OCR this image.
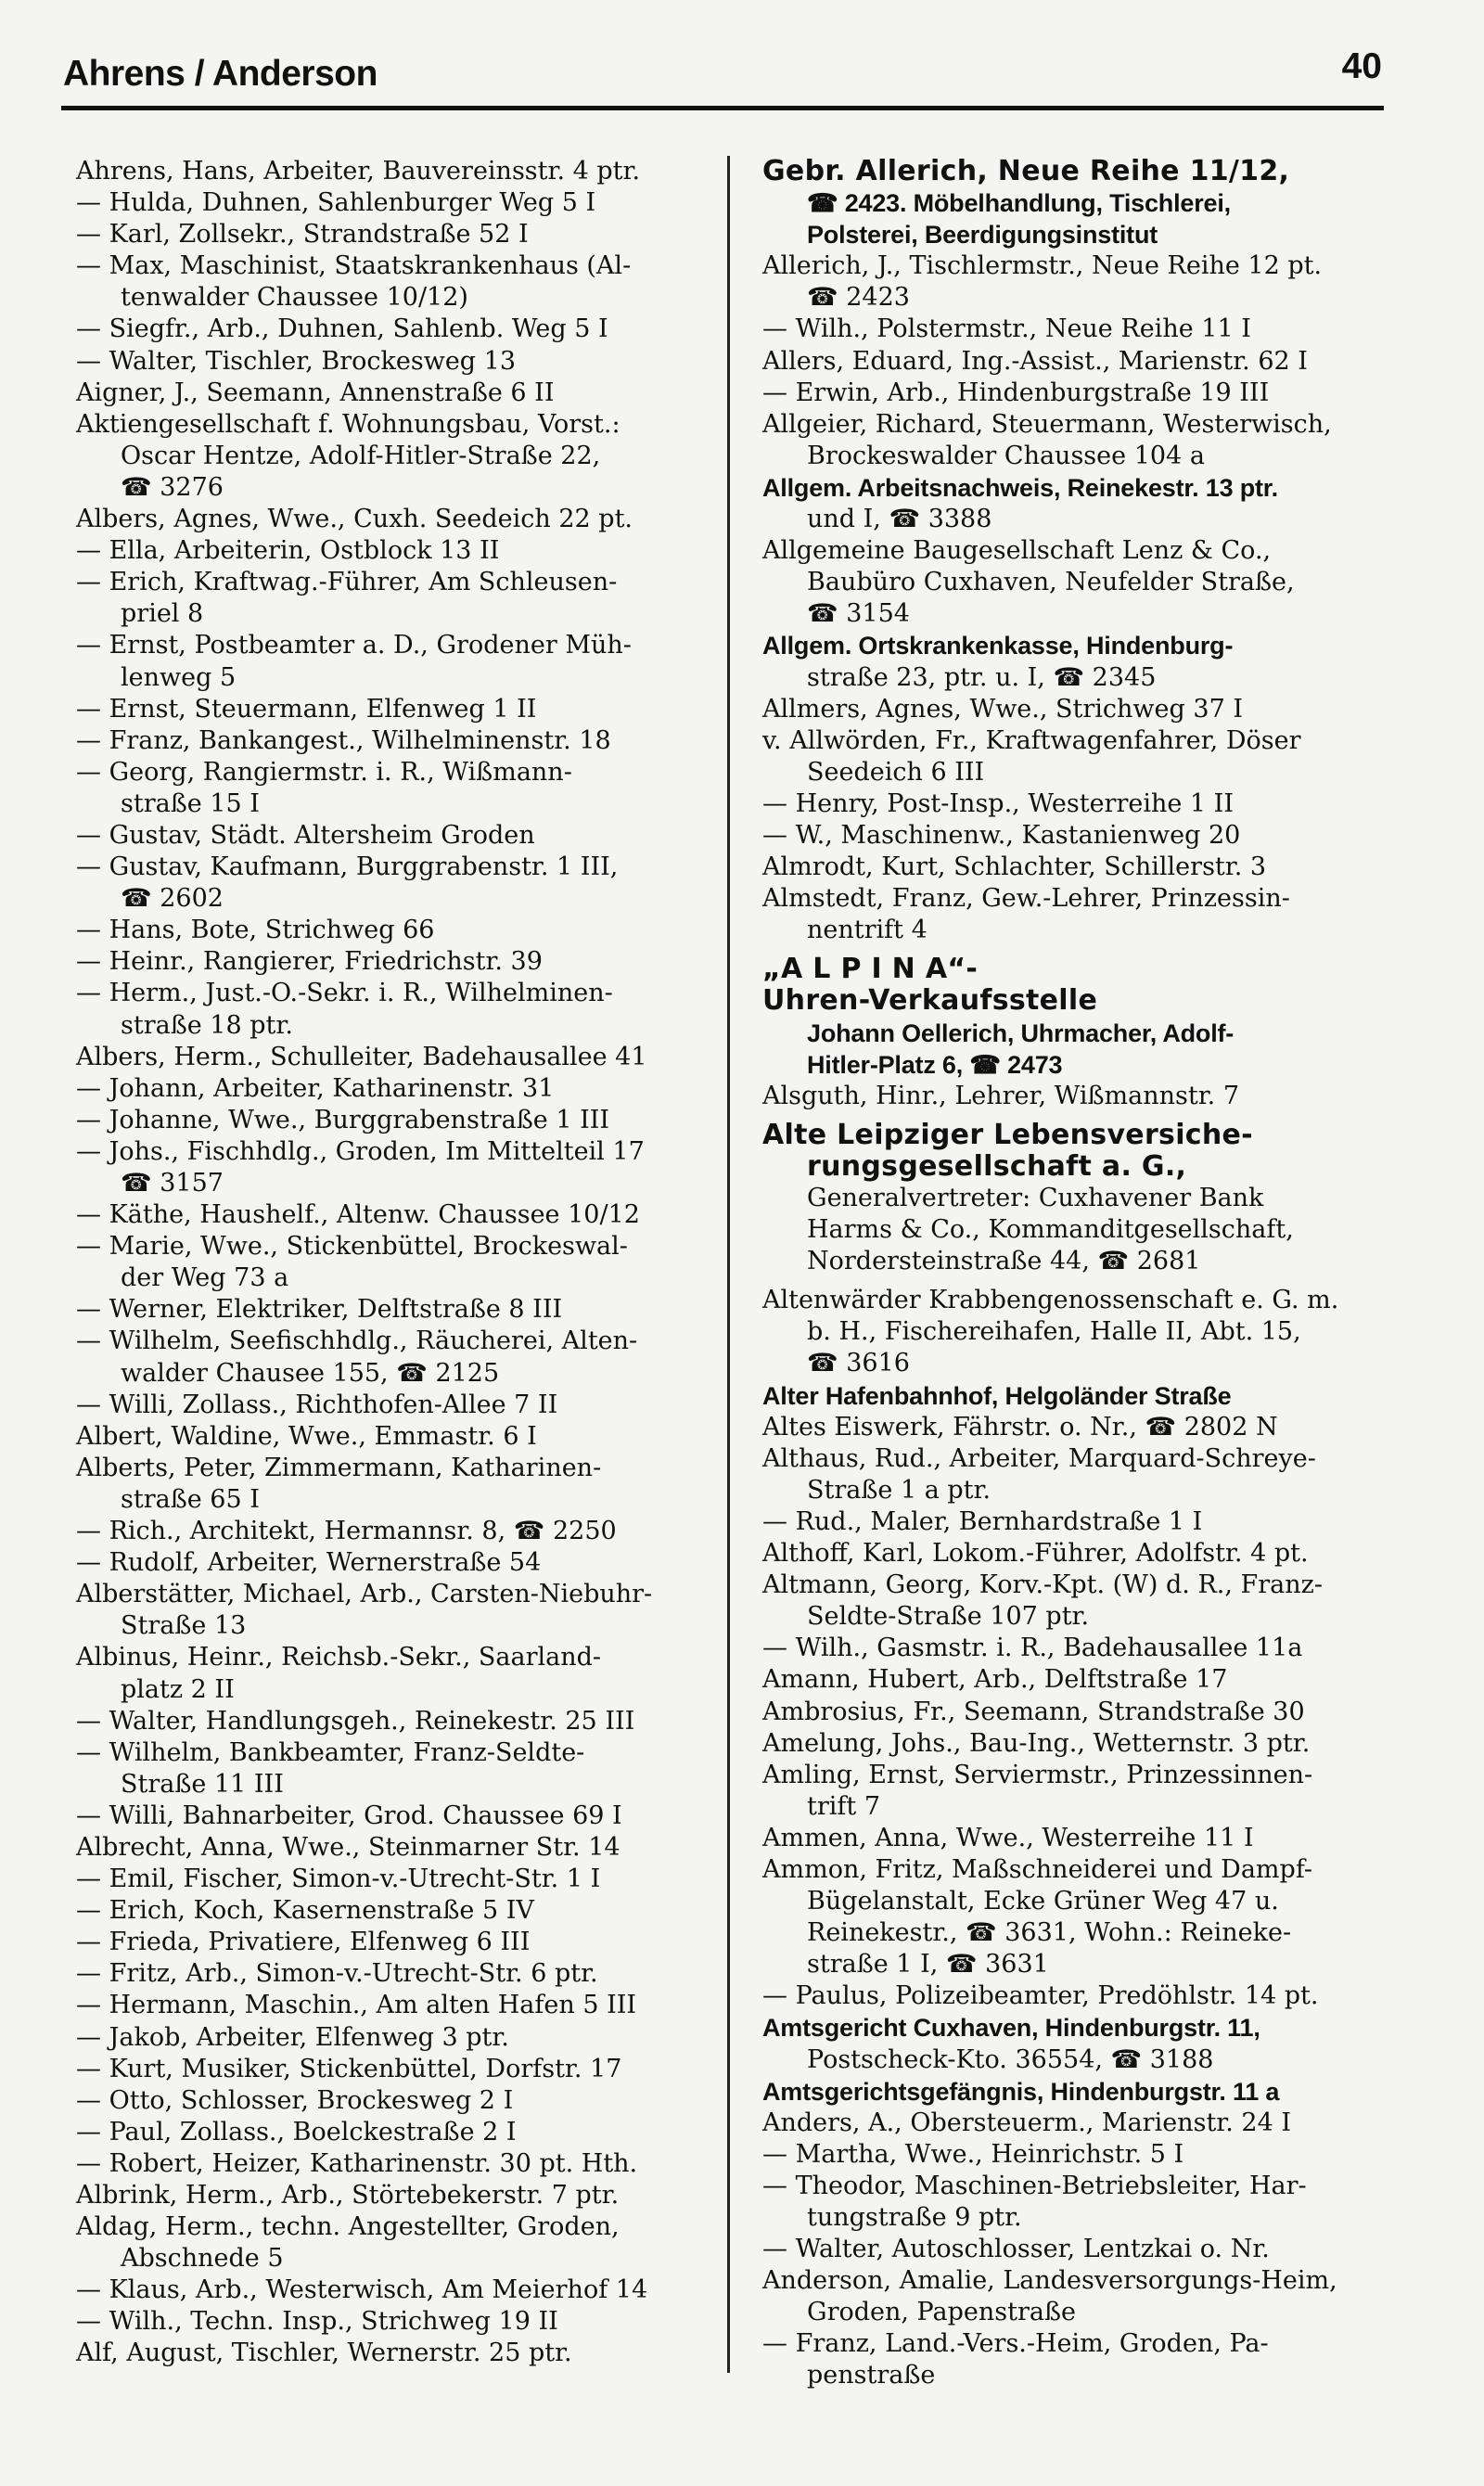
Ahrens / Anderson	40
Ahrens, Hans, Arbeiter, Bauvereinsstr. 4 ptr.
— Hulda, Duhnen, Sahlenburger Weg 5 I
— Karl, Zollsekr., Strandstraße 52 I
— Max, Maschinist, Staatskrankenhaus (Al-
tenwalder Chaussee 10/12)
— Siegfr., Arb., Duhnen, Sahlenb. Weg 5 I
— Walter, Tischler, Brockesweg 13
Aigner, J., Seemann, Annenstraße 6 II
Aktiengesellschaft f. Wohnungsbau, Vorst.:
Oscar Hentze, Adolf-Hitler-Straße 22,
☎ 3276
Albers, Agnes, Wwe., Cuxh. Seedeich 22 pt.
— Ella, Arbeiterin, Ostblock 13 II
— Erich, Kraftwag.-Führer, Am Schleusen-
priel 8
— Ernst, Postbeamter a. D., Grodener Müh-
lenweg 5
— Ernst, Steuermann, Elfenweg 1 II
— Franz, Bankangest., Wilhelminenstr. 18
— Georg, Rangiermstr. i. R., Wißmann-
straße 15 I
— Gustav, Städt. Altersheim Groden
— Gustav, Kaufmann, Burggrabenstr. 1 III,
☎ 2602
— Hans, Bote, Strichweg 66
— Heinr., Rangierer, Friedrichstr. 39
— Herm., Just.-O.-Sekr. i. R., Wilhelminen-
straße 18 ptr.
Albers, Herm., Schulleiter, Badehausallee 41
— Johann, Arbeiter, Katharinenstr. 31
— Johanne, Wwe., Burggrabenstraße 1 III
— Johs., Fischhdlg., Groden, Im Mittelteil 17
☎ 3157
— Käthe, Haushelf., Altenw. Chaussee 10/12
— Marie, Wwe., Stickenbüttel, Brockeswal-
der Weg 73 a
— Werner, Elektriker, Delftstraße 8 III
— Wilhelm, Seefischhdlg., Räucherei, Alten-
walder Chausee 155, ☎ 2125
— Willi, Zollass., Richthofen-Allee 7 II
Albert, Waldine, Wwe., Emmastr. 6 I
Alberts, Peter, Zimmermann, Katharinen-
straße 65 I
— Rich., Architekt, Hermannsr. 8, ☎ 2250
— Rudolf, Arbeiter, Wernerstraße 54
Alberstätter, Michael, Arb., Carsten-Niebuhr-
Straße 13
Albinus, Heinr., Reichsb.-Sekr., Saarland-
platz 2 II
— Walter, Handlungsgeh., Reinekestr. 25 III
— Wilhelm, Bankbeamter, Franz-Seldte-
Straße 11 III
— Willi, Bahnarbeiter, Grod. Chaussee 69 I
Albrecht, Anna, Wwe., Steinmarner Str. 14
— Emil, Fischer, Simon-v.-Utrecht-Str. 1 I
— Erich, Koch, Kasernenstraße 5 IV
— Frieda, Privatiere, Elfenweg 6 III
— Fritz, Arb., Simon-v.-Utrecht-Str. 6 ptr.
— Hermann, Maschin., Am alten Hafen 5 III
— Jakob, Arbeiter, Elfenweg 3 ptr.
— Kurt, Musiker, Stickenbüttel, Dorfstr. 17
— Otto, Schlosser, Brockesweg 2 I
— Paul, Zollass., Boelckestraße 2 I
— Robert, Heizer, Katharinenstr. 30 pt. Hth.
Albrink, Herm., Arb., Störtebekerstr. 7 ptr.
Aldag, Herm., techn. Angestellter, Groden,
Abschnede 5
— Klaus, Arb., Westerwisch, Am Meierhof 14
— Wilh., Techn. Insp., Strichweg 19 II
Alf, August, Tischler, Wernerstr. 25 ptr.
Gebr. Allerich, Neue Reihe 11/12,
☎ 2423. Möbelhandlung, Tischlerei,
Polsterei, Beerdigungsinstitut
Allerich, J., Tischlermstr., Neue Reihe 12 pt.
☎ 2423
— Wilh., Polstermstr., Neue Reihe 11 I
Allers, Eduard, Ing.-Assist., Marienstr. 62 I
— Erwin, Arb., Hindenburgstraße 19 III
Allgeier, Richard, Steuermann, Westerwisch,
Brockeswalder Chaussee 104 a
Allgem. Arbeitsnachweis, Reinekestr. 13 ptr.
und I, ☎ 3388
Allgemeine Baugesellschaft Lenz & Co.,
Baubüro Cuxhaven, Neufelder Straße,
☎ 3154
Allgem. Ortskrankenkasse, Hindenburg-
straße 23, ptr. u. I, ☎ 2345
Allmers, Agnes, Wwe., Strichweg 37 I
v. Allwörden, Fr., Kraftwagenfahrer, Döser
Seedeich 6 III
— Henry, Post-Insp., Westerreihe 1 II
— W., Maschinenw., Kastanienweg 20
Almrodt, Kurt, Schlachter, Schillerstr. 3
Almstedt, Franz, Gew.-Lehrer, Prinzessin-
nentrift 4
„A L P I N A“-
Uhren-Verkaufsstelle
Johann Oellerich, Uhrmacher, Adolf-
Hitler-Platz 6, ☎ 2473
Alsguth, Hinr., Lehrer, Wißmannstr. 7
Alte Leipziger Lebensversiche-
rungsgesellschaft a. G.,
Generalvertreter: Cuxhavener Bank
Harms & Co., Kommanditgesellschaft,
Nordersteinstraße 44, ☎ 2681
Altenwärder Krabbengenossenschaft e. G. m.
b. H., Fischereihafen, Halle II, Abt. 15,
☎ 3616
Alter Hafenbahnhof, Helgoländer Straße
Altes Eiswerk, Fährstr. o. Nr., ☎ 2802 N
Althaus, Rud., Arbeiter, Marquard-Schreye-
Straße 1 a ptr.
— Rud., Maler, Bernhardstraße 1 I
Althoff, Karl, Lokom.-Führer, Adolfstr. 4 pt.
Altmann, Georg, Korv.-Kpt. (W) d. R., Franz-
Seldte-Straße 107 ptr.
— Wilh., Gasmstr. i. R., Badehausallee 11a
Amann, Hubert, Arb., Delftstraße 17
Ambrosius, Fr., Seemann, Strandstraße 30
Amelung, Johs., Bau-Ing., Wetternstr. 3 ptr.
Amling, Ernst, Serviermstr., Prinzessinnen-
trift 7
Ammen, Anna, Wwe., Westerreihe 11 I
Ammon, Fritz, Maßschneiderei und Dampf-
Bügelanstalt, Ecke Grüner Weg 47 u.
Reinekestr., ☎ 3631, Wohn.: Reineke-
straße 1 I, ☎ 3631
— Paulus, Polizeibeamter, Predöhlstr. 14 pt.
Amtsgericht Cuxhaven, Hindenburgstr. 11,
Postscheck-Kto. 36554, ☎ 3188
Amtsgerichtsgefängnis, Hindenburgstr. 11 a
Anders, A., Obersteuerm., Marienstr. 24 I
— Martha, Wwe., Heinrichstr. 5 I
— Theodor, Maschinen-Betriebsleiter, Har-
tungstraße 9 ptr.
— Walter, Autoschlosser, Lentzkai o. Nr.
Anderson, Amalie, Landesversorgungs-Heim,
Groden, Papenstraße
— Franz, Land.-Vers.-Heim, Groden, Pa-
penstraße
